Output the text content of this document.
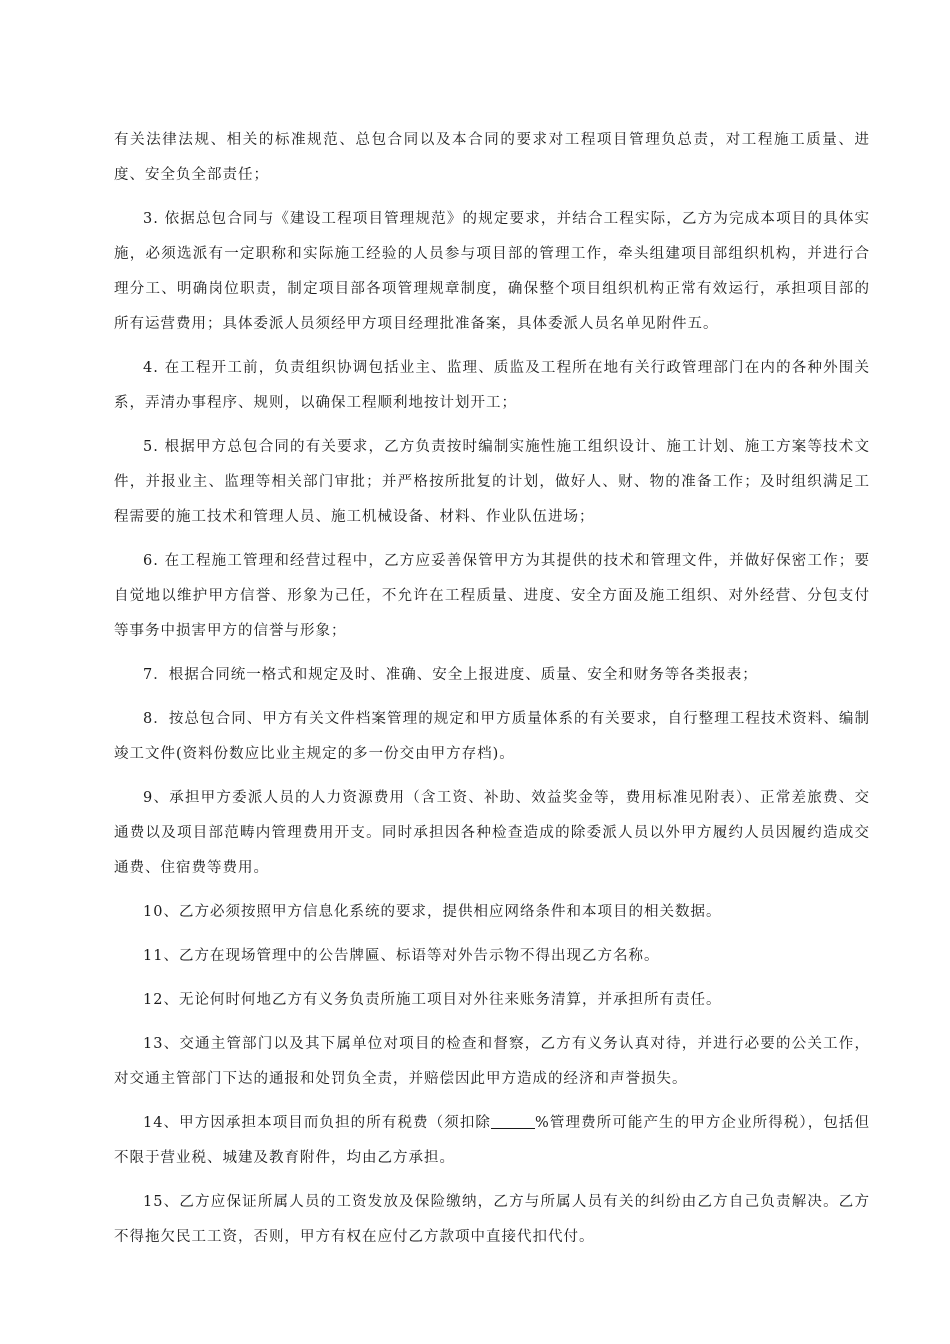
有关法律法规、相关的标准规范、总包合同以及本合同的要求对工程项目管理负总责，对工程施工质量、进度、安全负全部责任；

3. 依据总包合同与《建设工程项目管理规范》的规定要求，并结合工程实际，乙方为完成本项目的具体实施，必须选派有一定职称和实际施工经验的人员参与项目部的管理工作，牵头组建项目部组织机构，并进行合理分工、明确岗位职责，制定项目部各项管理规章制度，确保整个项目组织机构正常有效运行，承担项目部的所有运营费用；具体委派人员须经甲方项目经理批准备案，具体委派人员名单见附件五。

4. 在工程开工前，负责组织协调包括业主、监理、质监及工程所在地有关行政管理部门在内的各种外围关系，弄清办事程序、规则，以确保工程顺利地按计划开工；

5. 根据甲方总包合同的有关要求，乙方负责按时编制实施性施工组织设计、施工计划、施工方案等技术文件，并报业主、监理等相关部门审批；并严格按所批复的计划，做好人、财、物的准备工作；及时组织满足工程需要的施工技术和管理人员、施工机械设备、材料、作业队伍进场；

6. 在工程施工管理和经营过程中，乙方应妥善保管甲方为其提供的技术和管理文件，并做好保密工作；要自觉地以维护甲方信誉、形象为己任，不允许在工程质量、进度、安全方面及施工组织、对外经营、分包支付等事务中损害甲方的信誉与形象；

7．根据合同统一格式和规定及时、准确、安全上报进度、质量、安全和财务等各类报表；

8．按总包合同、甲方有关文件档案管理的规定和甲方质量体系的有关要求，自行整理工程技术资料、编制竣工文件(资料份数应比业主规定的多一份交由甲方存档)。

9、承担甲方委派人员的人力资源费用（含工资、补助、效益奖金等，费用标准见附表）、正常差旅费、交通费以及项目部范畴内管理费用开支。同时承担因各种检查造成的除委派人员以外甲方履约人员因履约造成交通费、住宿费等费用。

10、乙方必须按照甲方信息化系统的要求，提供相应网络条件和本项目的相关数据。

11、乙方在现场管理中的公告牌匾、标语等对外告示物不得出现乙方名称。

12、无论何时何地乙方有义务负责所施工项目对外往来账务清算，并承担所有责任。

13、交通主管部门以及其下属单位对项目的检查和督察，乙方有义务认真对待，并进行必要的公关工作，对交通主管部门下达的通报和处罚负全责，并赔偿因此甲方造成的经济和声誉损失。

14、甲方因承担本项目而负担的所有税费（须扣除	%管理费所可能产生的甲方企业所得税），包括但不限于营业税、城建及教育附件，均由乙方承担。

15、乙方应保证所属人员的工资发放及保险缴纳，乙方与所属人员有关的纠纷由乙方自己负责解决。乙方不得拖欠民工工资，否则，甲方有权在应付乙方款项中直接代扣代付。
